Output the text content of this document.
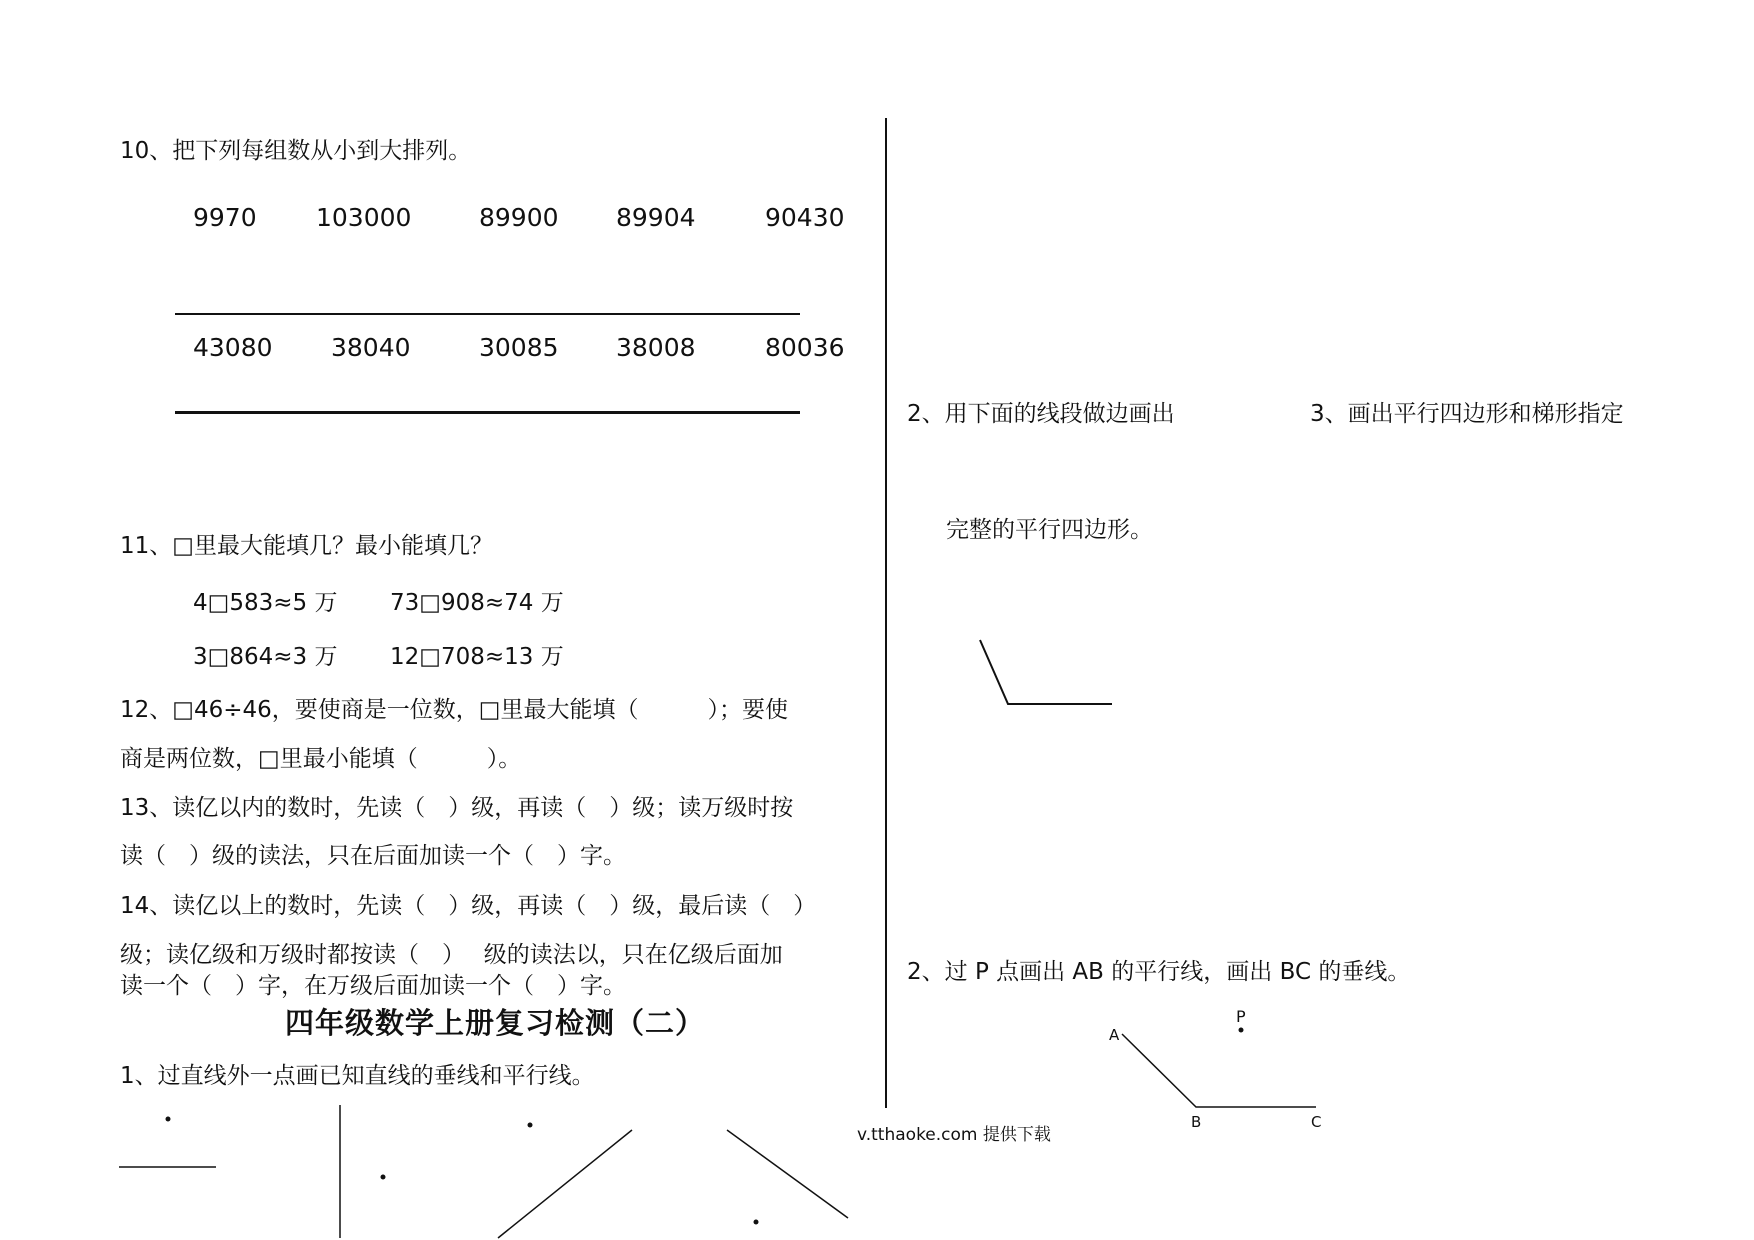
10、把下列每组数从小到大排列。
9970 103000	89900 89904	90430
43080 38040	30085 38008	80036
11、□里最大能填几？最小能填几？
4□583≈5 万 73□908≈74 万
3□864≈3 万 12□708≈13 万
12、□46÷46，要使商是一位数，□里最大能填（　　　）；要使
商是两位数，□里最小能填（　　　）。
13、读亿以内的数时，先读（　）级，再读（　）级；读万级时按
读（　）级的读法，只在后面加读一个（　）字。
14、读亿以上的数时，先读（　）级，再读（　）级，最后读（　）
级；读亿级和万级时都按读（　）　 级的读法以，只在亿级后面加
读一个（　）字，在万级后面加读一个（　）字。
四年级数学上册复习检测（二）
1、过直线外一点画已知直线的垂线和平行线。
2、用下面的线段做边画出	3、画出平行四边形和梯形指定
完整的平行四边形。
2、过 P 点画出 AB 的平行线，画出 BC 的垂线。
v.tthaoke.com 提供下载
A
B	C
P
